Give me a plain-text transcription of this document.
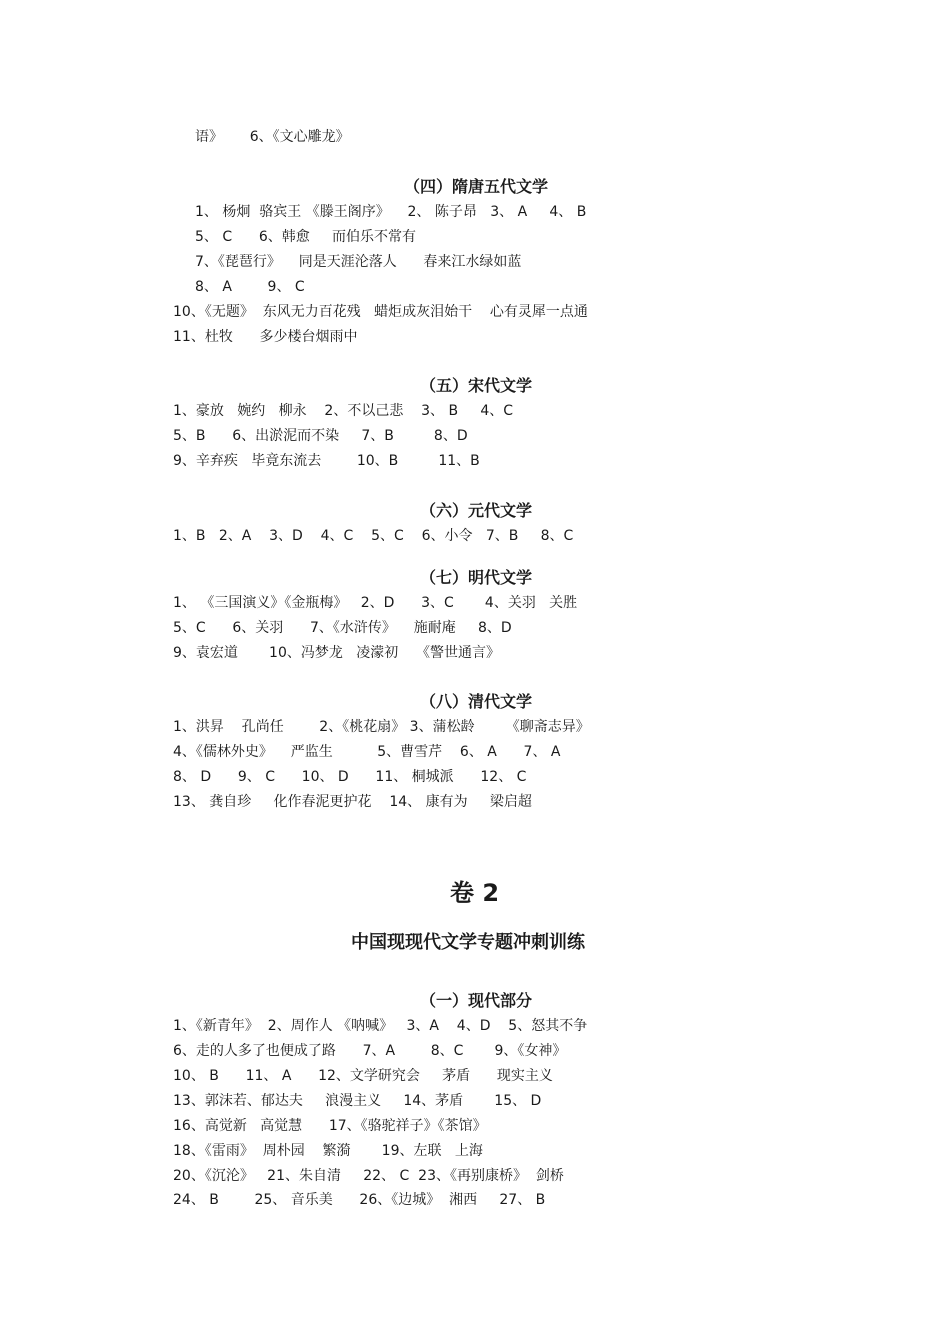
语》      6、《文心雕龙》
（四）隋唐五代文学
1、 杨炯  骆宾王 《滕王阁序》    2、 陈子昂   3、 A     4、 B
5、 C      6、韩愈     而伯乐不常有
7、《琵琶行》    同是天涯沦落人      春来江水绿如蓝
8、 A        9、 C
10、《无题》  东风无力百花残   蜡炬成灰泪始干    心有灵犀一点通
11、杜牧      多少楼台烟雨中
（五）宋代文学
1、豪放   婉约   柳永    2、不以己悲    3、 B     4、C
5、B      6、出淤泥而不染     7、B         8、D
9、辛弃疾   毕竟东流去        10、B         11、B
（六）元代文学
1、B   2、A    3、D    4、C    5、C    6、小令   7、B     8、C
（七）明代文学
1、 《三国演义》《金瓶梅》   2、D      3、C       4、关羽   关胜
5、C      6、关羽      7、《水浒传》    施耐庵     8、D
9、袁宏道       10、冯梦龙   凌濛初    《警世通言》
（八）清代文学
1、洪昇    孔尚任        2、《桃花扇》 3、蒲松龄       《聊斋志异》
4、《儒林外史》    严监生          5、曹雪芹    6、 A      7、 A
8、 D      9、 C      10、 D      11、 桐城派      12、 C
13、 龚自珍     化作春泥更护花    14、 康有为     梁启超
卷 2
中国现现代文学专题冲刺训练
（一）现代部分
1、《新青年》  2、周作人 《呐喊》   3、A    4、D    5、怒其不争
6、走的人多了也便成了路      7、A        8、C       9、《女神》
10、 B      11、 A      12、文学研究会     茅盾      现实主义
13、郭沫若、郁达夫     浪漫主义     14、茅盾       15、 D
16、高觉新   高觉慧      17、《骆驼祥子》《茶馆》
18、《雷雨》  周朴园    繁漪       19、左联   上海
20、《沉沦》   21、朱自清     22、 C  23、《再别康桥》  剑桥
24、 B        25、 音乐美      26、《边城》  湘西     27、 B
